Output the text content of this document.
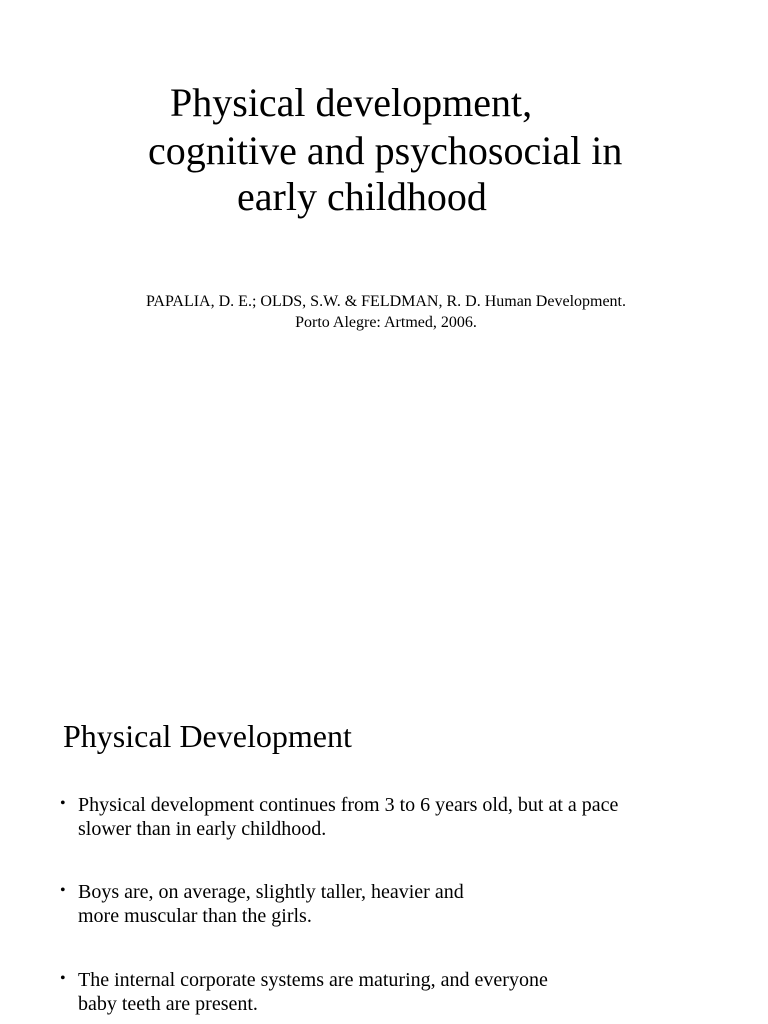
Physical development,
cognitive and psychosocial in
early childhood
PAPALIA, D. E.; OLDS, S.W. & FELDMAN, R. D. Human Development.
Porto Alegre: Artmed, 2006.
Physical Development
• Physical development continues from 3 to 6 years old, but at a pace
slower than in early childhood.
• Boys are, on average, slightly taller, heavier and
more muscular than the girls.
• The internal corporate systems are maturing, and everyone
baby teeth are present.
